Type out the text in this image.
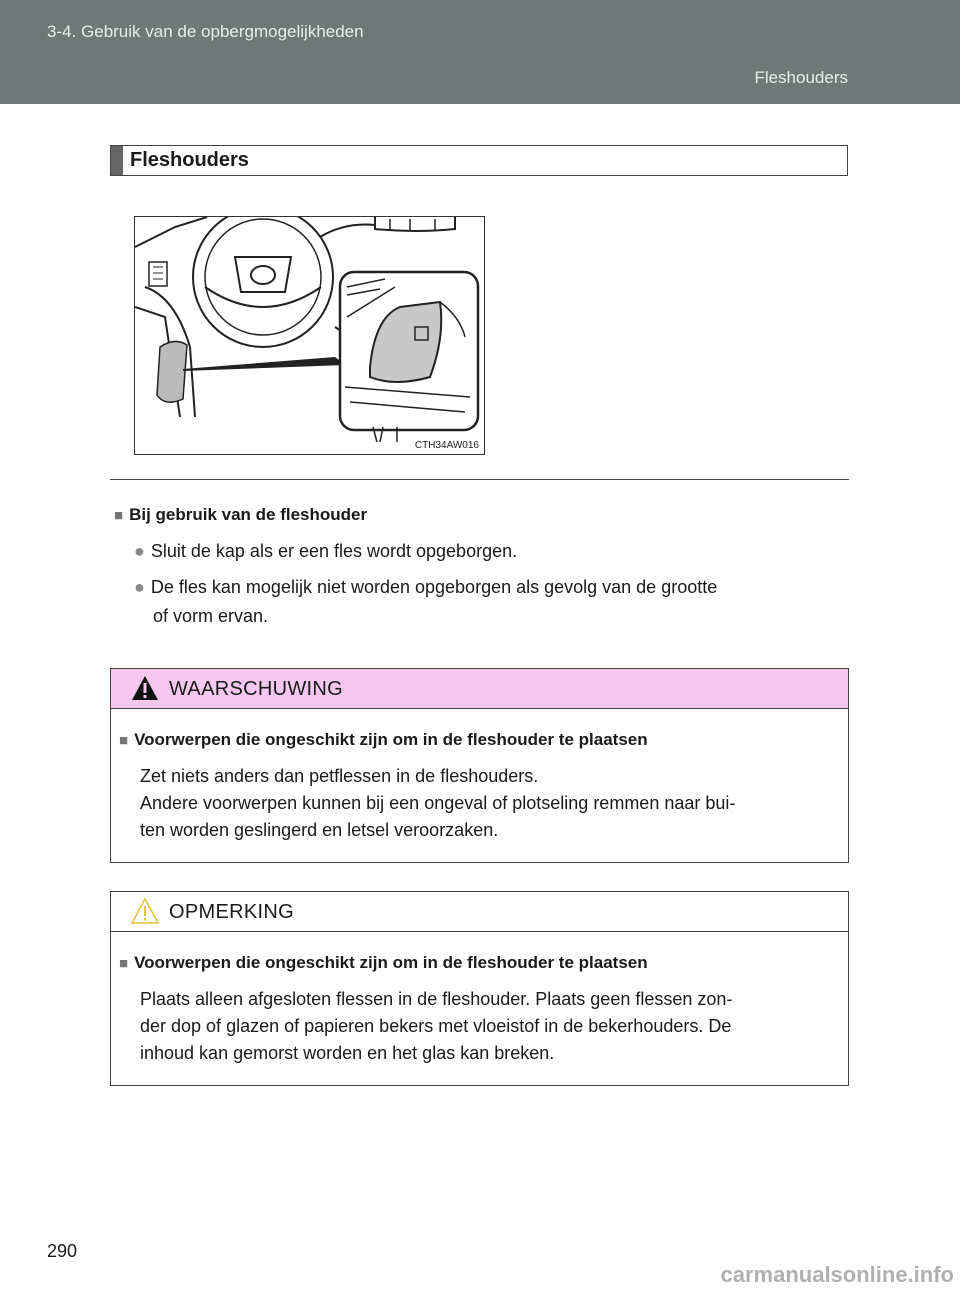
3-4. Gebruik van de opbergmogelijkheden
Fleshouders
Fleshouders
CTH34AW016
■ Bij gebruik van de fleshouder
● Sluit de kap als er een fles wordt opgeborgen.
● De fles kan mogelijk niet worden opgeborgen als gevolg van de grootte
of vorm ervan.
WAARSCHUWING
■ Voorwerpen die ongeschikt zijn om in de fleshouder te plaatsen
Zet niets anders dan petflessen in de fleshouders.
Andere voorwerpen kunnen bij een ongeval of plotseling remmen naar bui-
ten worden geslingerd en letsel veroorzaken.
OPMERKING
■ Voorwerpen die ongeschikt zijn om in de fleshouder te plaatsen
Plaats alleen afgesloten flessen in de fleshouder. Plaats geen flessen zon-
der dop of glazen of papieren bekers met vloeistof in de bekerhouders. De
inhoud kan gemorst worden en het glas kan breken.
290
carmanualsonline.info
